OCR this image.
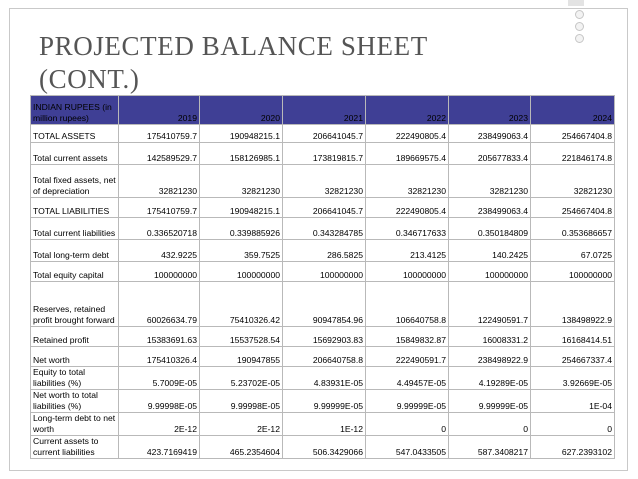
PROJECTED BALANCE SHEET
(CONT.)
INDIAN RUPEES (in million rupees)	2019	2020	2021	2022	2023	2024
TOTAL ASSETS	175410759.7	190948215.1	206641045.7	222490805.4	238499063.4	254667404.8
Total current assets	142589529.7	158126985.1	173819815.7	189669575.4	205677833.4	221846174.8
Total fixed assets, net of depreciation	32821230	32821230	32821230	32821230	32821230	32821230
TOTAL LIABILITIES	175410759.7	190948215.1	206641045.7	222490805.4	238499063.4	254667404.8
Total current liabilities	0.336520718	0.339885926	0.343284785	0.346717633	0.350184809	0.353686657
Total long-term debt	432.9225	359.7525	286.5825	213.4125	140.2425	67.0725
Total equity capital	100000000	100000000	100000000	100000000	100000000	100000000
Reserves, retained profit brought forward	60026634.79	75410326.42	90947854.96	106640758.8	122490591.7	138498922.9
Retained profit	15383691.63	15537528.54	15692903.83	15849832.87	16008331.2	16168414.51
Net worth	175410326.4	190947855	206640758.8	222490591.7	238498922.9	254667337.4
Equity to total liabilities (%)	5.7009E-05	5.23702E-05	4.83931E-05	4.49457E-05	4.19289E-05	3.92669E-05
Net worth to total liabilities (%)	9.99998E-05	9.99998E-05	9.99999E-05	9.99999E-05	9.99999E-05	1E-04
Long-term debt to net worth	2E-12	2E-12	1E-12	0	0	0
Current assets to current liabilities	423.7169419	465.2354604	506.3429066	547.0433505	587.3408217	627.2393102
